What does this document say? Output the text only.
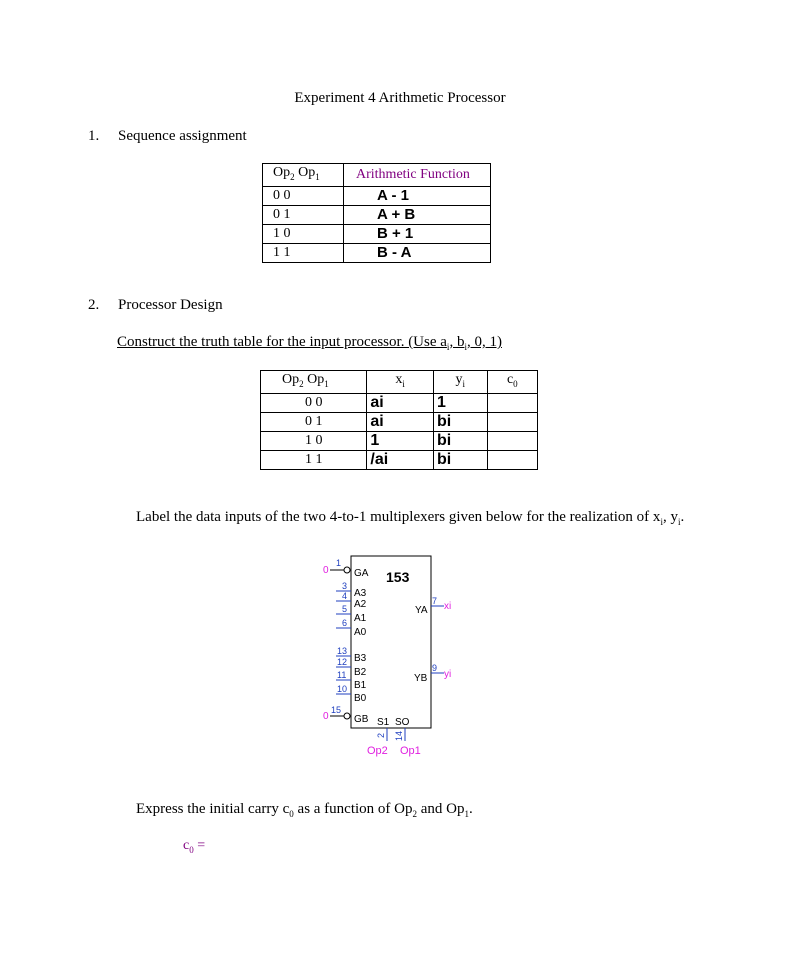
Experiment 4 Arithmetic Processor
1. Sequence assignment
$Op_2$ $Op_1$	Arithmetic Function
0 0	A - 1
0 1	A + B
1 0	B + 1
1 1	B - A
2. Processor Design
Construct the truth table for the input processor. (Use $a_i$, $b_i$, 0, 1)
$Op_2$ $Op_1$	$x_i$	$y_i$	$c_0$
0 0	ai	1	
0 1	ai	bi	
1 0	1	bi	
1 1	/ai	bi	
Label the data inputs of the two 4-to-1 multiplexers given below for the realization of $x_i$, $y_i$.
153
0
1
GA
3
A3
4
A2
5
A1
6
A0
13
B3
12
B2
11
B1
10
B0
0
15
GB
YA
7 xi
YB
9
yi
S1 SO
2 14
Op2 Op1
Express the initial carry $c_0$ as a function of $Op_2$ and $Op_1$.
$c_0$ =
